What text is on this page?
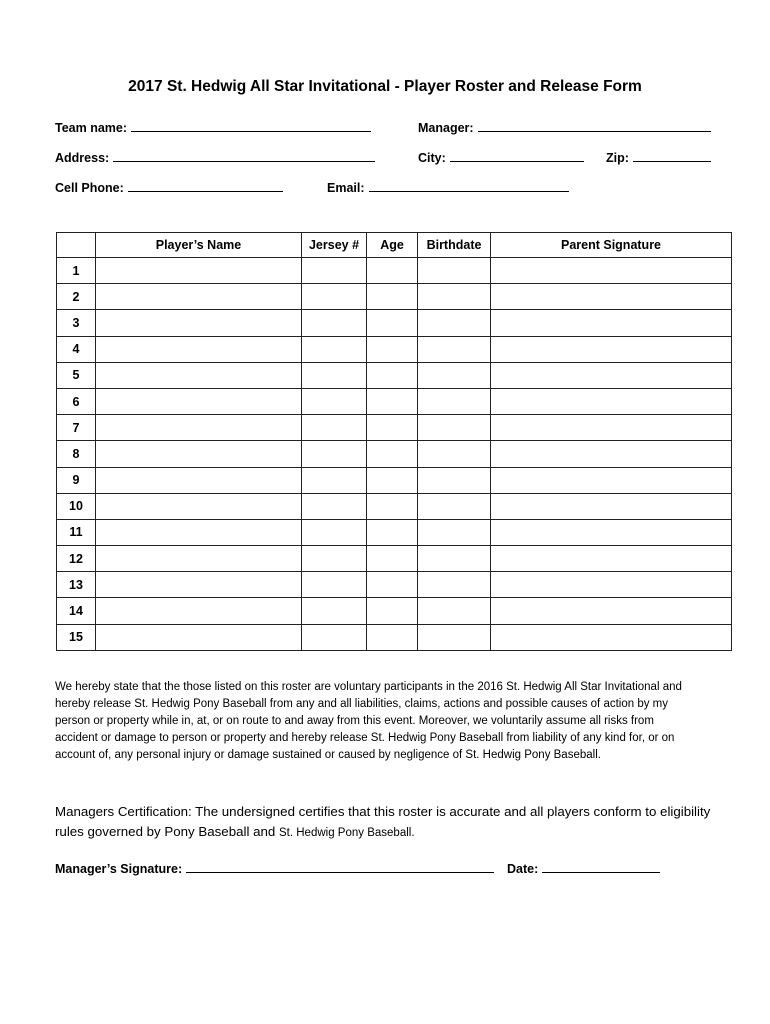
2017 St. Hedwig All Star Invitational - Player Roster and Release Form
Team name:	Manager:
Address:	City:	Zip:
Cell Phone:	Email:
	Player’s Name	Jersey #	Age	Birthdate	Parent Signature
1					
2					
3					
4					
5					
6					
7					
8					
9					
10					
11					
12					
13					
14					
15					
We hereby state that the those listed on this roster are voluntary participants in the 2016 St. Hedwig All Star Invitational and hereby release St. Hedwig Pony Baseball from any and all liabilities, claims, actions and possible causes of action by my person or property while in, at, or on route to and away from this event. Moreover, we voluntarily assume all risks from accident or damage to person or property and hereby release St. Hedwig Pony Baseball from liability of any kind for, or on account of, any personal injury or damage sustained or caused by negligence of St. Hedwig Pony Baseball.
Managers Certification: The undersigned certifies that this roster is accurate and all players conform to eligibility rules governed by Pony Baseball and St. Hedwig Pony Baseball.
Manager’s Signature:	Date:
